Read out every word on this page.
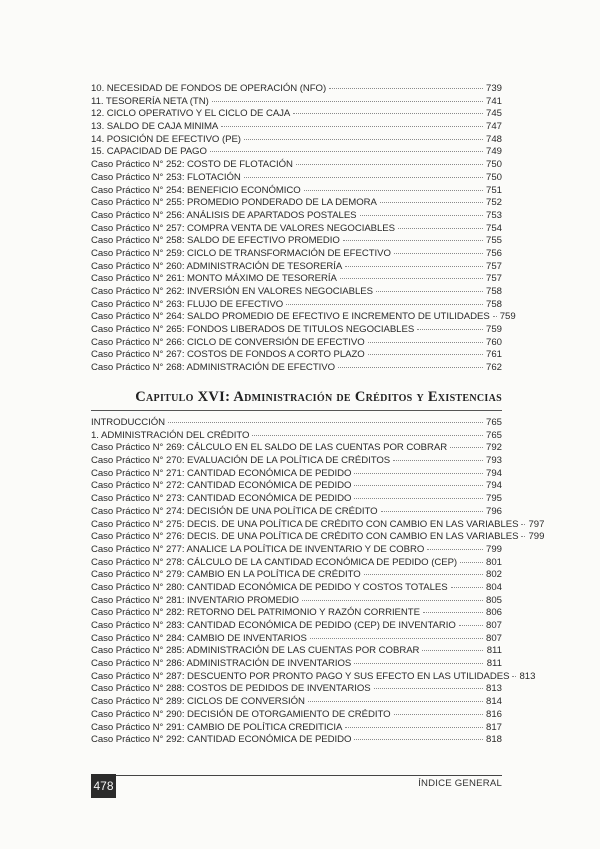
10. NECESIDAD DE FONDOS DE OPERACIÓN (NFO)	739
11. TESORERÍA NETA (TN)	741
12. CICLO OPERATIVO Y EL CICLO DE CAJA	745
13. SALDO DE CAJA MINIMA	747
14. POSICIÓN DE EFECTIVO (PE)	748
15. CAPACIDAD DE PAGO	749
Caso Práctico N° 252: COSTO DE FLOTACIÓN	750
Caso Práctico N° 253: FLOTACIÓN	750
Caso Práctico N° 254: BENEFICIO ECONÓMICO	751
Caso Práctico N° 255: PROMEDIO PONDERADO DE LA DEMORA	752
Caso Práctico N° 256: ANÁLISIS DE APARTADOS POSTALES	753
Caso Práctico N° 257: COMPRA VENTA DE VALORES NEGOCIABLES	754
Caso Práctico N° 258: SALDO DE EFECTIVO PROMEDIO	755
Caso Práctico N° 259: CICLO DE TRANSFORMACIÓN DE EFECTIVO	756
Caso Práctico N° 260: ADMINISTRACIÓN DE TESORERÍA	757
Caso Práctico N° 261: MONTO MÁXIMO DE TESORERÍA	757
Caso Práctico N° 262: INVERSIÓN EN VALORES NEGOCIABLES	758
Caso Práctico N° 263: FLUJO DE EFECTIVO	758
Caso Práctico N° 264: SALDO PROMEDIO DE EFECTIVO E INCREMENTO DE UTILIDADES 759
Caso Práctico N° 265: FONDOS LIBERADOS DE TITULOS NEGOCIABLES	759
Caso Práctico N° 266: CICLO DE CONVERSIÓN DE EFECTIVO	760
Caso Práctico N° 267: COSTOS DE FONDOS A CORTO PLAZO	761
Caso Práctico N° 268: ADMINISTRACIÓN DE EFECTIVO	762
Capitulo XVI: Administración de Créditos y Existencias
INTRODUCCIÓN	765
1. ADMINISTRACIÓN DEL CRÉDITO	765
Caso Práctico N° 269: CÁLCULO EN EL SALDO DE LAS CUENTAS POR COBRAR	792
Caso Práctico N° 270: EVALUACIÓN DE LA POLÍTICA DE CRÉDITOS	793
Caso Práctico N° 271: CANTIDAD ECONÓMICA DE PEDIDO	794
Caso Práctico N° 272: CANTIDAD ECONÓMICA DE PEDIDO	794
Caso Práctico N° 273: CANTIDAD ECONÓMICA DE PEDIDO	795
Caso Práctico N° 274: DECISIÓN DE UNA POLÍTICA DE CRÉDITO	796
Caso Práctico N° 275: DECIS. DE UNA POLÍTICA DE CRÉDITO CON CAMBIO EN LAS VARIABLES 797
Caso Práctico N° 276: DECIS. DE UNA POLÍTICA DE CRÉDITO CON CAMBIO EN LAS VARIABLES 799
Caso Práctico N° 277: ANALICE LA POLÍTICA DE INVENTARIO Y DE COBRO	799
Caso Práctico N° 278: CÁLCULO DE LA CANTIDAD ECONÓMICA DE PEDIDO (CEP)	801
Caso Práctico N° 279: CAMBIO EN LA POLÍTICA DE CRÉDITO	802
Caso Práctico N° 280: CANTIDAD ECONÓMICA DE PEDIDO Y COSTOS TOTALES	804
Caso Práctico N° 281: INVENTARIO PROMEDIO	805
Caso Práctico N° 282: RETORNO DEL PATRIMONIO Y RAZÓN CORRIENTE	806
Caso Práctico N° 283: CANTIDAD ECONÓMICA DE PEDIDO (CEP) DE INVENTARIO	807
Caso Práctico N° 284: CAMBIO DE INVENTARIOS	807
Caso Práctico N° 285: ADMINISTRACIÓN DE LAS CUENTAS POR COBRAR	811
Caso Práctico N° 286: ADMINISTRACIÓN DE INVENTARIOS	811
Caso Práctico N° 287: DESCUENTO POR PRONTO PAGO Y SUS EFECTO EN LAS UTILIDADES 813
Caso Práctico N° 288: COSTOS DE PEDIDOS DE INVENTARIOS	813
Caso Práctico N° 289: CICLOS DE CONVERSIÓN	814
Caso Práctico N° 290: DECISIÓN DE OTORGAMIENTO DE CRÉDITO	816
Caso Práctico N° 291: CAMBIO DE POLÍTICA CREDITICIA	817
Caso Práctico N° 292: CANTIDAD ECONÓMICA DE PEDIDO	818
478	ÍNDICE GENERAL
